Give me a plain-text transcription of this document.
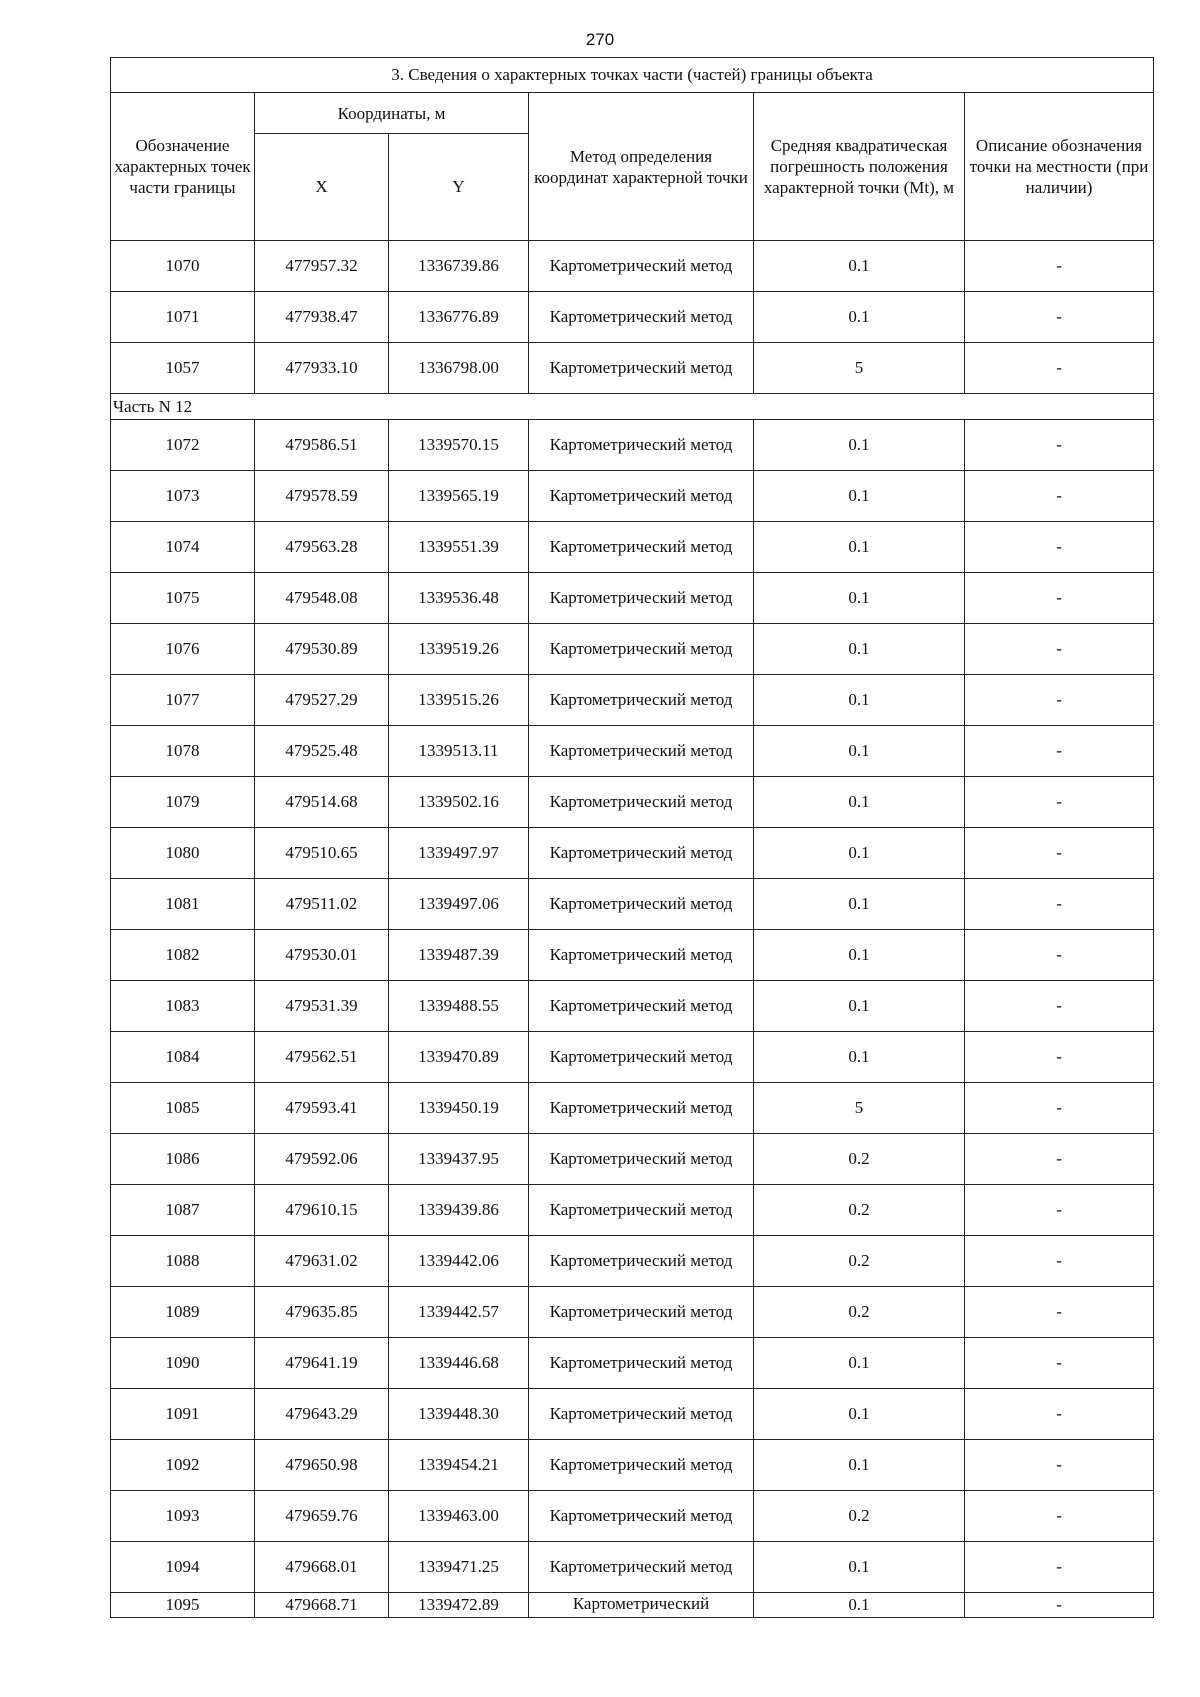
270
3. Сведения о характерных точках части (частей) границы объекта					
Обозначение характерных точек части границы	Координаты, м		Метод определения координат характерной точки	Средняя квадратическая погрешность положения характерной точки (Mt), м	Описание обозначения точки на местности (при наличии)
	X	Y			
1070	477957.32	1336739.86	Картометрический метод	0.1	-
1071	477938.47	1336776.89	Картометрический метод	0.1	-
1057	477933.10	1336798.00	Картометрический метод	5	-
Часть N 12					
1072	479586.51	1339570.15	Картометрический метод	0.1	-
1073	479578.59	1339565.19	Картометрический метод	0.1	-
1074	479563.28	1339551.39	Картометрический метод	0.1	-
1075	479548.08	1339536.48	Картометрический метод	0.1	-
1076	479530.89	1339519.26	Картометрический метод	0.1	-
1077	479527.29	1339515.26	Картометрический метод	0.1	-
1078	479525.48	1339513.11	Картометрический метод	0.1	-
1079	479514.68	1339502.16	Картометрический метод	0.1	-
1080	479510.65	1339497.97	Картометрический метод	0.1	-
1081	479511.02	1339497.06	Картометрический метод	0.1	-
1082	479530.01	1339487.39	Картометрический метод	0.1	-
1083	479531.39	1339488.55	Картометрический метод	0.1	-
1084	479562.51	1339470.89	Картометрический метод	0.1	-
1085	479593.41	1339450.19	Картометрический метод	5	-
1086	479592.06	1339437.95	Картометрический метод	0.2	-
1087	479610.15	1339439.86	Картометрический метод	0.2	-
1088	479631.02	1339442.06	Картометрический метод	0.2	-
1089	479635.85	1339442.57	Картометрический метод	0.2	-
1090	479641.19	1339446.68	Картометрический метод	0.1	-
1091	479643.29	1339448.30	Картометрический метод	0.1	-
1092	479650.98	1339454.21	Картометрический метод	0.1	-
1093	479659.76	1339463.00	Картометрический метод	0.2	-
1094	479668.01	1339471.25	Картометрический метод	0.1	-
1095	479668.71	1339472.89	Картометрический	0.1	-
